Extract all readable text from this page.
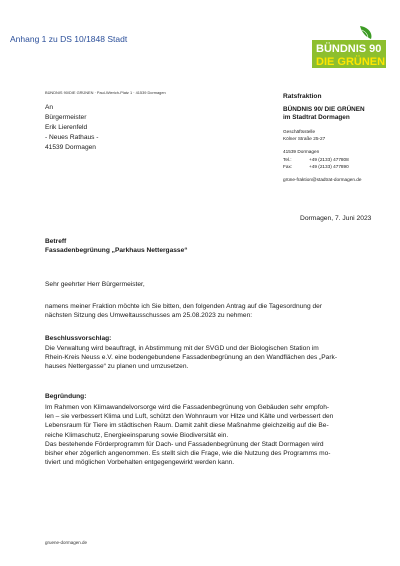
Anhang 1 zu DS 10/1848 Stadt
BÜNDNIS 90
DIE GRÜNEN
BÜNDNIS 90/DIE GRÜNEN · Paul-Wierich-Platz 1 · 41539 Dormagen
An
Bürgermeister
Erik Lierenfeld
- Neues Rathaus -
41539 Dormagen
Ratsfraktion
BÜNDNIS 90/ DIE GRÜNEN
im Stadtrat Dormagen
Geschäftsstelle
Kölner Straße 25-27
41539 Dormagen
Tel.:	+49 (2133) 477808
Fax:	+49 (2133) 477890
grüne-fraktion@stadtrat-dormagen.de
Dormagen, 7. Juni 2023
Betreff
Fassadenbegrünung „Parkhaus Nettergasse“
Sehr geehrter Herr Bürgermeister,
namens meiner Fraktion möchte ich Sie bitten, den folgenden Antrag auf die Tagesordnung der
nächsten Sitzung des Umweltausschusses am 25.08.2023 zu nehmen:
Beschlussvorschlag:
Die Verwaltung wird beauftragt, in Abstimmung mit der SVGD und der Biologischen Station im
Rhein-Kreis Neuss e.V. eine bodengebundene Fassadenbegrünung an den Wandflächen des „Park-
hauses Nettergasse“ zu planen und umzusetzen.
Begründung:
Im Rahmen von Klimawandelvorsorge wird die Fassadenbegrünung von Gebäuden sehr empfoh-
len – sie verbessert Klima und Luft, schützt den Wohnraum vor Hitze und Kälte und verbessert den
Lebensraum für Tiere im städtischen Raum. Damit zahlt diese Maßnahme gleichzeitig auf die Be-
reiche Klimaschutz, Energieeinsparung sowie Biodiversität ein.
Das bestehende Förderprogramm für Dach- und Fassadenbegrünung der Stadt Dormagen wird
bisher eher zögerlich angenommen. Es stellt sich die Frage, wie die Nutzung des Programms mo-
tiviert und möglichen Vorbehalten entgegengewirkt werden kann.
gruene-dormagen.de
